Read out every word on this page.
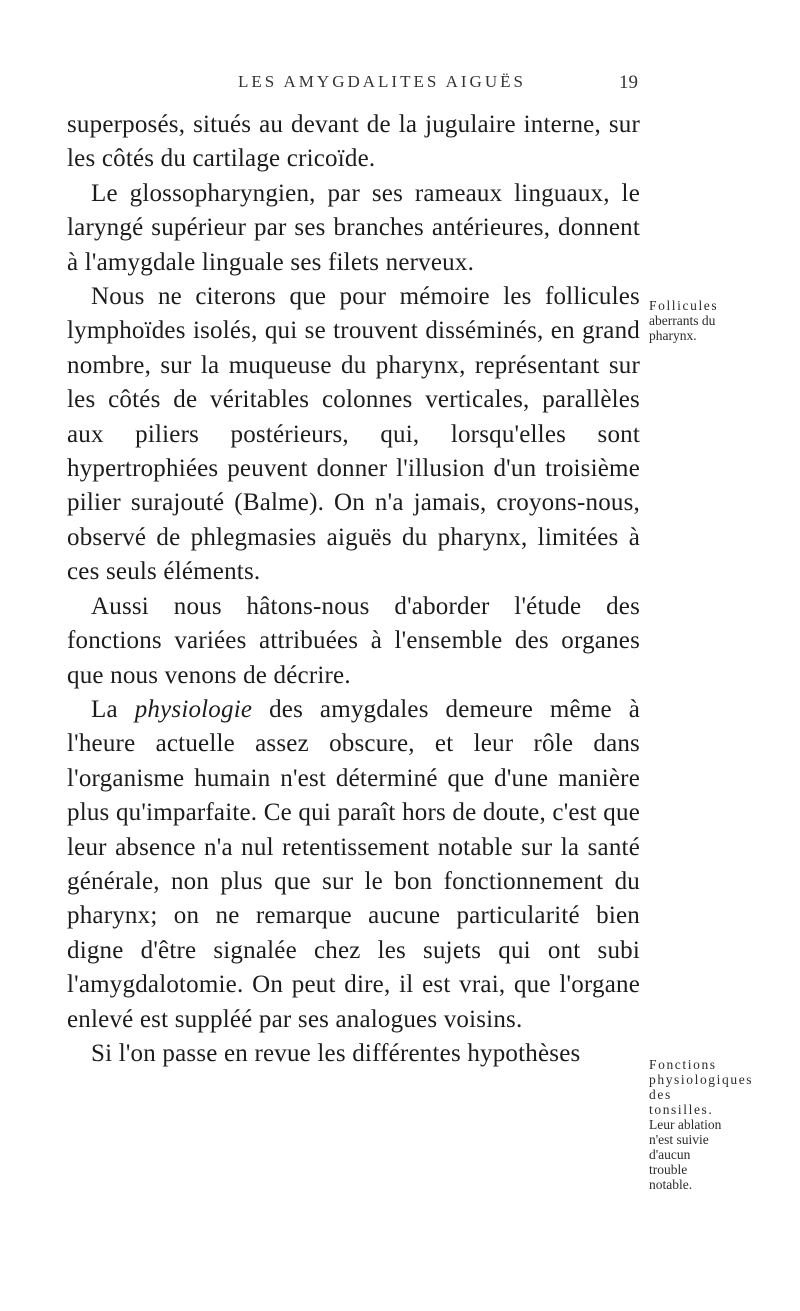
LES AMYGDALITES AIGUËS	19

superposés, situés au devant de la jugulaire interne, sur les côtés du cartilage cricoïde.

Le glossopharyngien, par ses rameaux linguaux, le laryngé supérieur par ses branches antérieures, donnent à l'amygdale linguale ses filets nerveux.

Nous ne citerons que pour mémoire les follicules lymphoïdes isolés, qui se trouvent disséminés, en grand nombre, sur la muqueuse du pharynx, représentant sur les côtés de véritables colonnes verticales, parallèles aux piliers postérieurs, qui, lorsqu'elles sont hypertrophiées peuvent donner l'illusion d'un troisième pilier surajouté (Balme). On n'a jamais, croyons-nous, observé de phlegmasies aiguës du pharynx, limitées à ces seuls éléments.

Aussi nous hâtons-nous d'aborder l'étude des fonctions variées attribuées à l'ensemble des organes que nous venons de décrire.

La physiologie des amygdales demeure même à l'heure actuelle assez obscure, et leur rôle dans l'organisme humain n'est déterminé que d'une manière plus qu'imparfaite. Ce qui paraît hors de doute, c'est que leur absence n'a nul retentissement notable sur la santé générale, non plus que sur le bon fonctionnement du pharynx; on ne remarque aucune particularité bien digne d'être signalée chez les sujets qui ont subi l'amygdalotomie. On peut dire, il est vrai, que l'organe enlevé est suppléé par ses analogues voisins.

Si l'on passe en revue les différentes hypothèses

Follicules aberrants du pharynx.
Fonctions physiologiques des tonsilles. Leur ablation n'est suivie d'aucun trouble notable.
